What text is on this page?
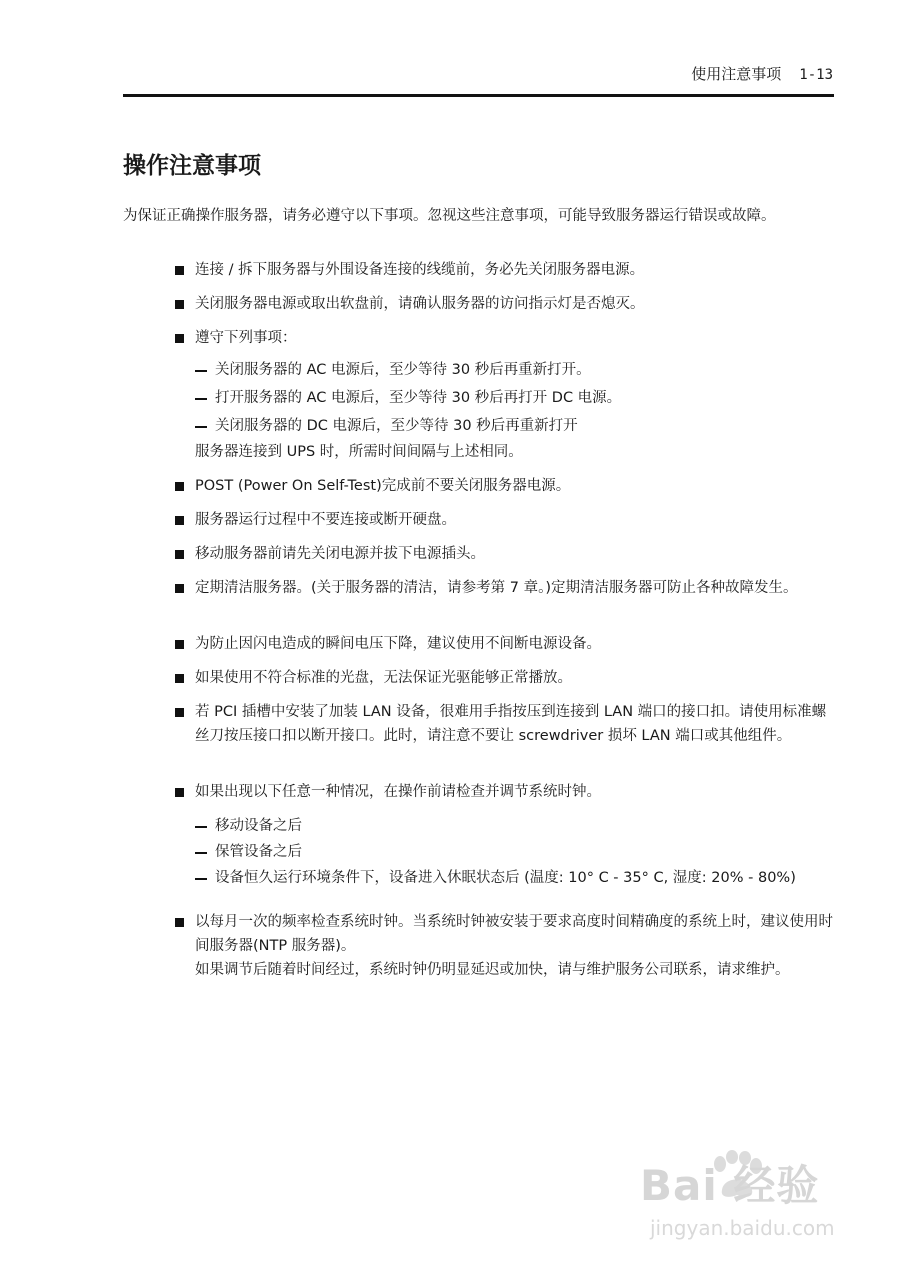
使用注意事项 1-13
操作注意事项

为保证正确操作服务器，请务必遵守以下事项。忽视这些注意事项，可能导致服务器运行错误或故障。

连接 / 拆下服务器与外围设备连接的线缆前，务必先关闭服务器电源。

关闭服务器电源或取出软盘前，请确认服务器的访问指示灯是否熄灭。

遵守下列事项：

关闭服务器的 AC 电源后，至少等待 30 秒后再重新打开。

打开服务器的 AC 电源后，至少等待 30 秒后再打开 DC 电源。

关闭服务器的 DC 电源后，至少等待 30 秒后再重新打开

服务器连接到 UPS 时，所需时间间隔与上述相同。

POST (Power On Self-Test)完成前不要关闭服务器电源。

服务器运行过程中不要连接或断开硬盘。

移动服务器前请先关闭电源并拔下电源插头。

定期清洁服务器。(关于服务器的清洁，请参考第 7 章。)定期清洁服务器可防止各种故障发生。

为防止因闪电造成的瞬间电压下降，建议使用不间断电源设备。

如果使用不符合标准的光盘，无法保证光驱能够正常播放。

若 PCI 插槽中安装了加装 LAN 设备，很难用手指按压到连接到 LAN 端口的接口扣。请使用标准螺丝刀按压接口扣以断开接口。此时，请注意不要让 screwdriver 损坏 LAN 端口或其他组件。

如果出现以下任意一种情况，在操作前请检查并调节系统时钟。

移动设备之后

保管设备之后

设备恒久运行环境条件下，设备进入休眠状态后 (温度: 10° C - 35° C, 湿度: 20% - 80%)

以每月一次的频率检查系统时钟。当系统时钟被安装于要求高度时间精确度的系统上时，建议使用时间服务器(NTP 服务器)。

如果调节后随着时间经过，系统时钟仍明显延迟或加快，请与维护服务公司联系，请求维护。

Bai 经验
jingyan.baidu.com
